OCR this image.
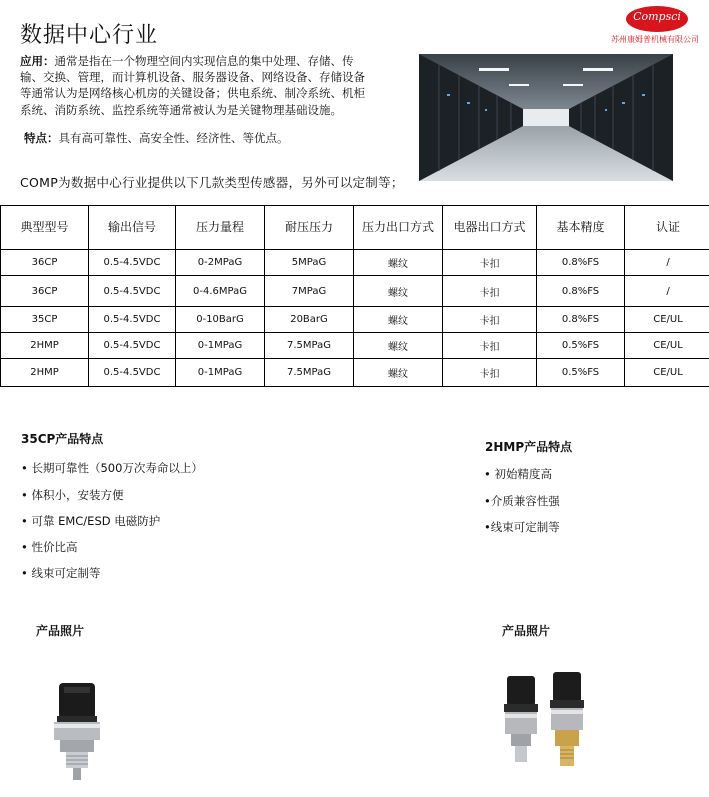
数据中心行业
Compsci
苏州康姆普机械有限公司
应用：通常是指在一个物理空间内实现信息的集中处理、存储、传输、交换、管理，而计算机设备、服务器设备、网络设备、存储设备等通常认为是网络核心机房的关键设备；供电系统、制冷系统、机柜系统、消防系统、监控系统等通常被认为是关键物理基础设施。
特点：具有高可靠性、高安全性、经济性、等优点。
COMP为数据中心行业提供以下几款类型传感器，另外可以定制等；
典型型号	输出信号	压力量程	耐压压力	压力出口方式	电器出口方式	基本精度	认证
36CP	0.5-4.5VDC	0-2MPaG	5MPaG	螺纹	卡扣	0.8%FS	/
36CP	0.5-4.5VDC	0-4.6MPaG	7MPaG	螺纹	卡扣	0.8%FS	/
35CP	0.5-4.5VDC	0-10BarG	20BarG	螺纹	卡扣	0.8%FS	CE/UL
2HMP	0.5-4.5VDC	0-1MPaG	7.5MPaG	螺纹	卡扣	0.5%FS	CE/UL
2HMP	0.5-4.5VDC	0-1MPaG	7.5MPaG	螺纹	卡扣	0.5%FS	CE/UL
35CP产品特点
• 长期可靠性（500万次寿命以上）
• 体积小，安装方便
• 可靠 EMC/ESD 电磁防护
• 性价比高
• 线束可定制等
2HMP产品特点
• 初始精度高
•介质兼容性强
•线束可定制等
产品照片	产品照片
